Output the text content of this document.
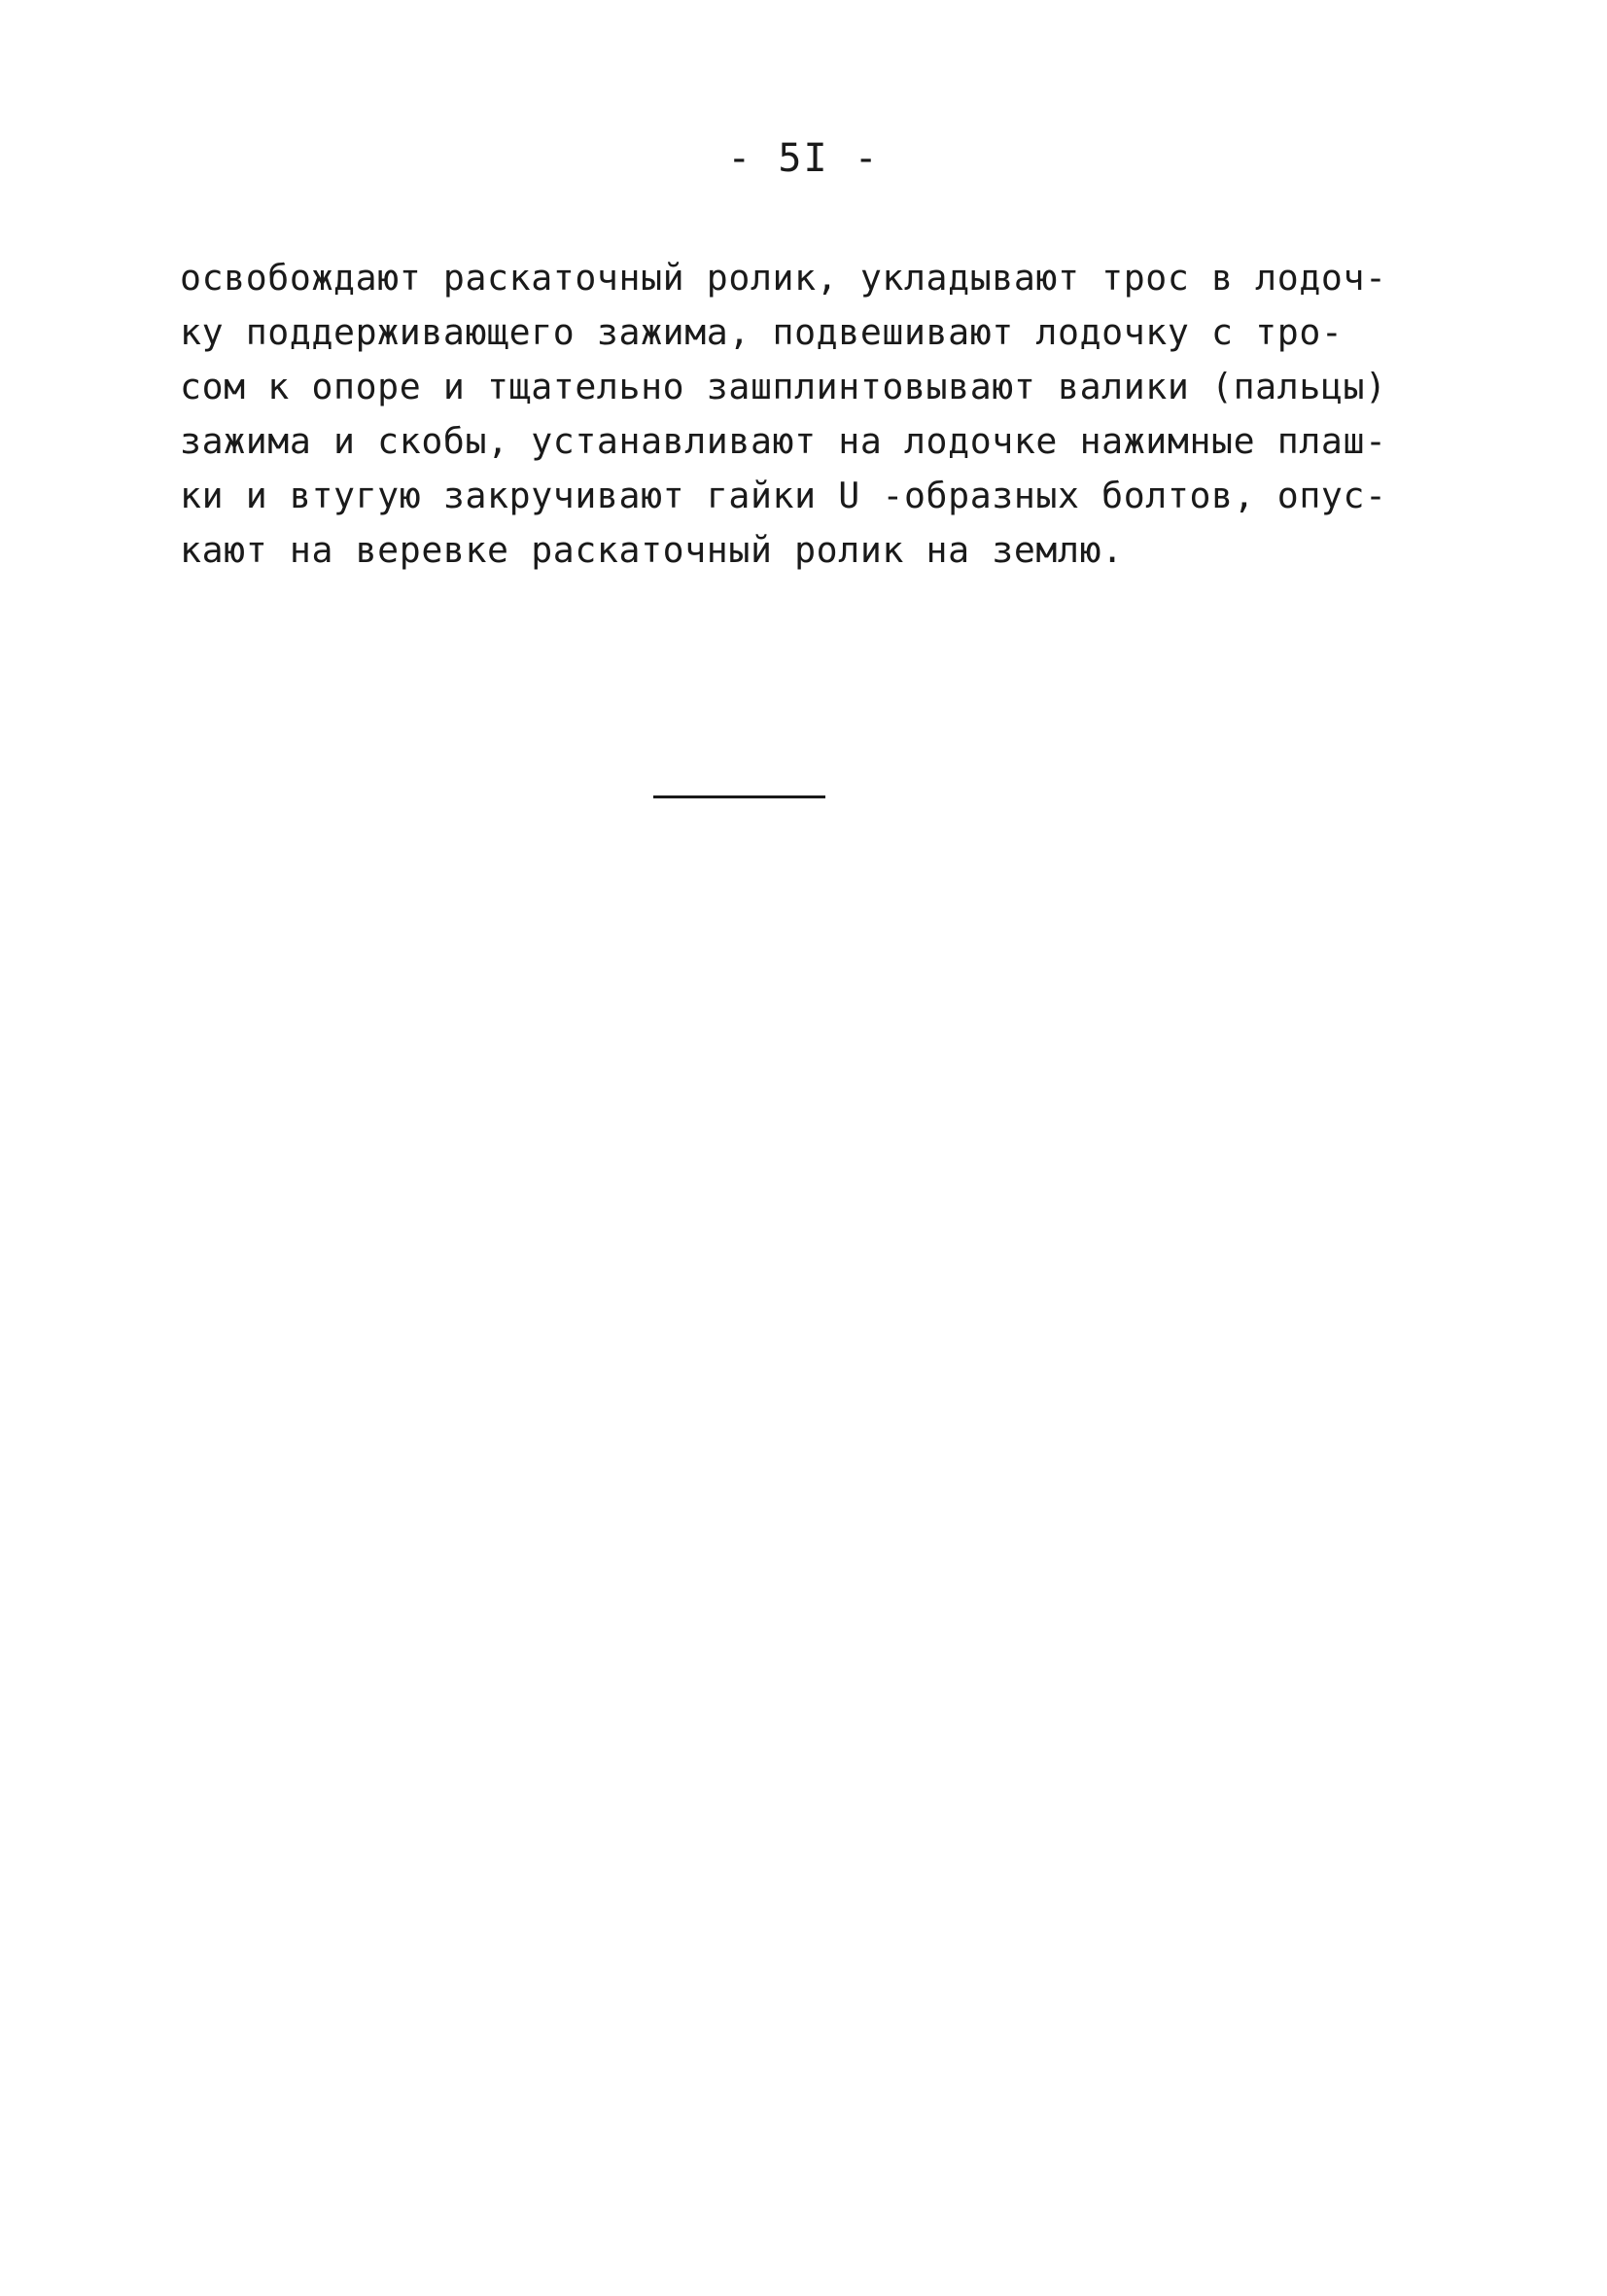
- 5I -
освобождают раскаточный ролик, укладывают трос в лодоч-
ку поддерживающего зажима, подвешивают лодочку с тро-
сом к опоре и тщательно зашплинтовывают валики (пальцы)
зажима и скобы, устанавливают на лодочке нажимные плаш-
ки и втугую закручивают гайки U -образных болтов, опус-
кают на веревке раскаточный ролик на землю.
